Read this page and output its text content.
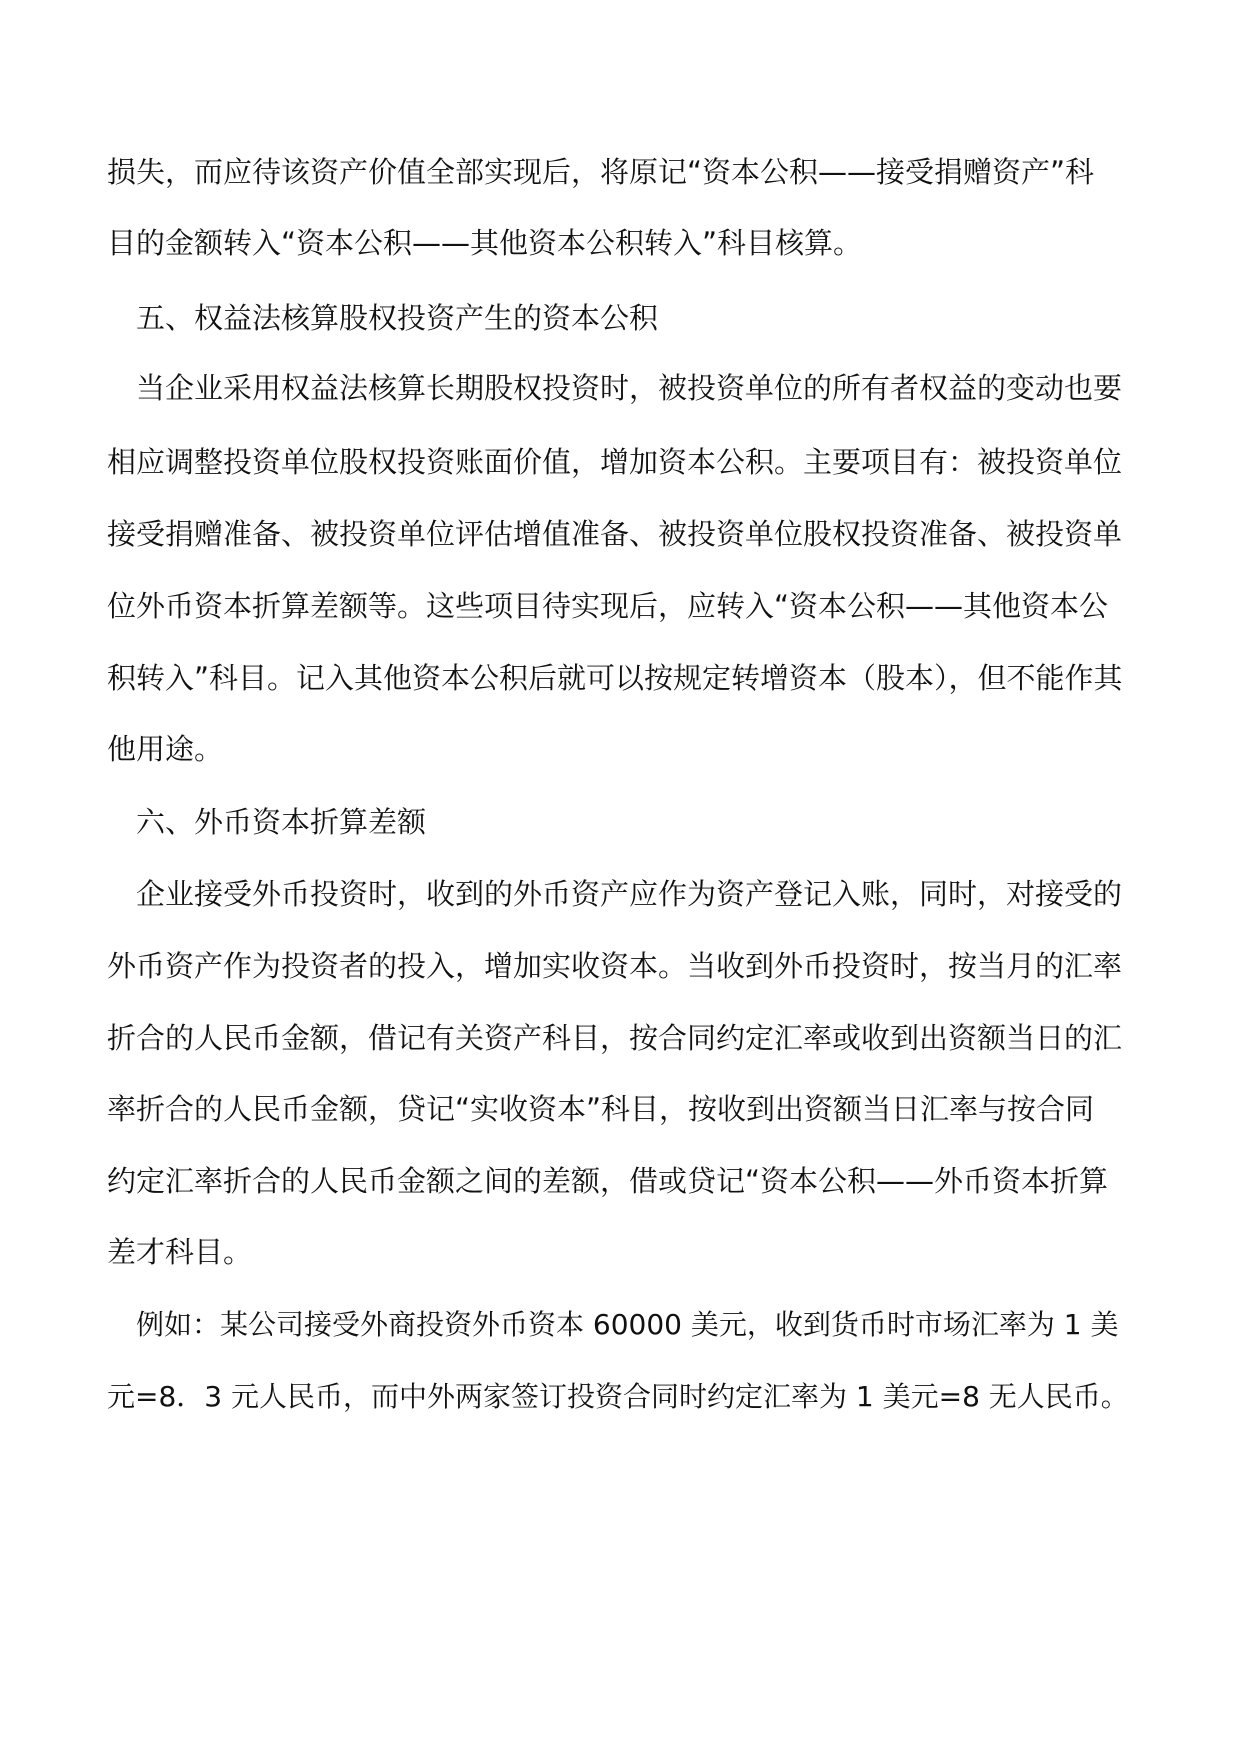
损失，而应待该资产价值全部实现后，将原记“资本公积——接受捐赠资产”科
目的金额转入“资本公积——其他资本公积转入”科目核算。
五、权益法核算股权投资产生的资本公积
当企业采用权益法核算长期股权投资时，被投资单位的所有者权益的变动也要
相应调整投资单位股权投资账面价值，增加资本公积。主要项目有：被投资单位
接受捐赠准备、被投资单位评估增值准备、被投资单位股权投资准备、被投资单
位外币资本折算差额等。这些项目待实现后，应转入“资本公积——其他资本公
积转入”科目。记入其他资本公积后就可以按规定转增资本（股本），但不能作其
他用途。
六、外币资本折算差额
企业接受外币投资时，收到的外币资产应作为资产登记入账，同时，对接受的
外币资产作为投资者的投入，增加实收资本。当收到外币投资时，按当月的汇率
折合的人民币金额，借记有关资产科目，按合同约定汇率或收到出资额当日的汇
率折合的人民币金额，贷记“实收资本”科目，按收到出资额当日汇率与按合同
约定汇率折合的人民币金额之间的差额，借或贷记“资本公积——外币资本折算
差才科目。
例如：某公司接受外商投资外币资本 60000 美元，收到货币时市场汇率为 1 美
元=8．3 元人民币，而中外两家签订投资合同时约定汇率为 1 美元=8 无人民币。
